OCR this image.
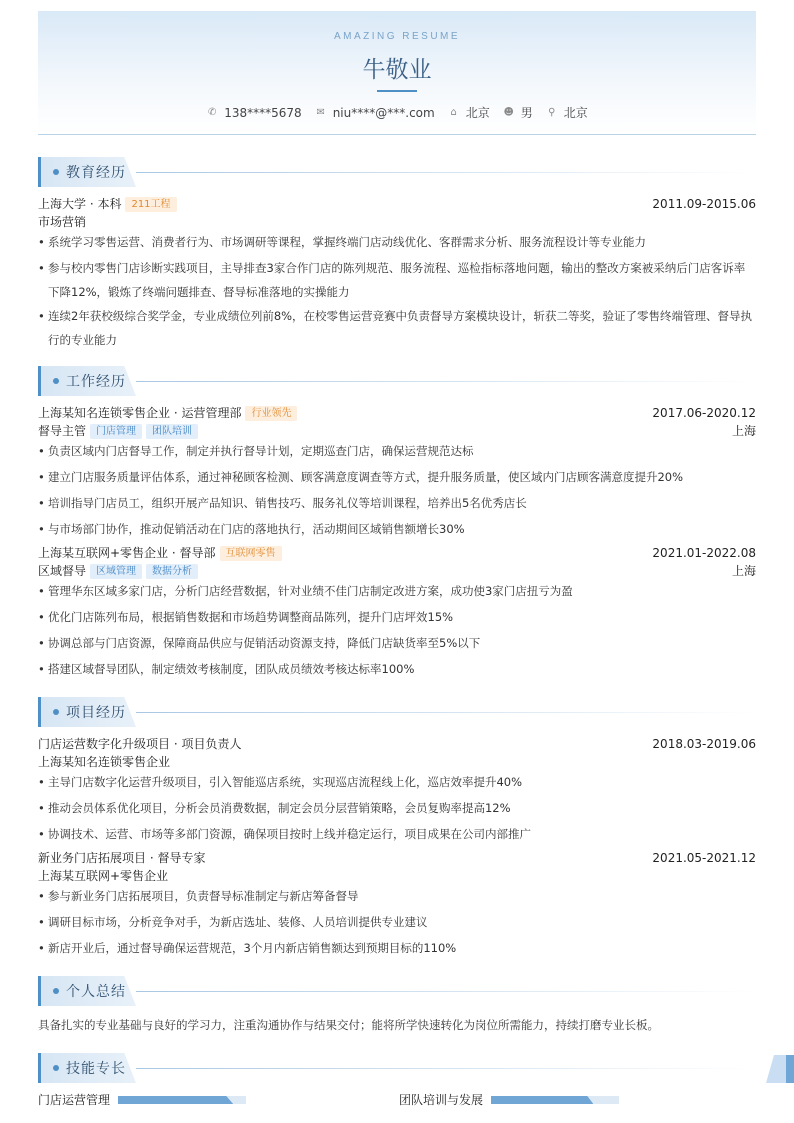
AMAZING RESUME
牛敬业
✆ 138****5678 ✉ niu****@***.com ⌂ 北京 ☻ 男 ⚲ 北京
教育经历
上海大学 · 本科 211工程	2011.09-2015.06
市场营销
• 系统学习零售运营、消费者行为、市场调研等课程，掌握终端门店动线优化、客群需求分析、服务流程设计等专业能力
• 参与校内零售门店诊断实践项目，主导排查3家合作门店的陈列规范、服务流程、巡检指标落地问题，输出的整改方案被采纳后门店客诉率下降12%，锻炼了终端问题排查、督导标准落地的实操能力
• 连续2年获校级综合奖学金，专业成绩位列前8%，在校零售运营竞赛中负责督导方案模块设计，斩获二等奖，验证了零售终端管理、督导执行的专业能力
工作经历
上海某知名连锁零售企业 · 运营管理部 行业领先	2017.06-2020.12
督导主管 门店管理 团队培训	上海
• 负责区域内门店督导工作，制定并执行督导计划，定期巡查门店，确保运营规范达标
• 建立门店服务质量评估体系，通过神秘顾客检测、顾客满意度调查等方式，提升服务质量，使区域内门店顾客满意度提升20%
• 培训指导门店员工，组织开展产品知识、销售技巧、服务礼仪等培训课程，培养出5名优秀店长
• 与市场部门协作，推动促销活动在门店的落地执行，活动期间区域销售额增长30%
上海某互联网+零售企业 · 督导部 互联网零售	2021.01-2022.08
区域督导 区域管理 数据分析	上海
• 管理华东区域多家门店，分析门店经营数据，针对业绩不佳门店制定改进方案，成功使3家门店扭亏为盈
• 优化门店陈列布局，根据销售数据和市场趋势调整商品陈列，提升门店坪效15%
• 协调总部与门店资源，保障商品供应与促销活动资源支持，降低门店缺货率至5%以下
• 搭建区域督导团队，制定绩效考核制度，团队成员绩效考核达标率100%
项目经历
门店运营数字化升级项目 · 项目负责人	2018.03-2019.06
上海某知名连锁零售企业
• 主导门店数字化运营升级项目，引入智能巡店系统，实现巡店流程线上化，巡店效率提升40%
• 推动会员体系优化项目，分析会员消费数据，制定会员分层营销策略，会员复购率提高12%
• 协调技术、运营、市场等多部门资源，确保项目按时上线并稳定运行，项目成果在公司内部推广
新业务门店拓展项目 · 督导专家	2021.05-2021.12
上海某互联网+零售企业
• 参与新业务门店拓展项目，负责督导标准制定与新店筹备督导
• 调研目标市场，分析竞争对手，为新店选址、装修、人员培训提供专业建议
• 新店开业后，通过督导确保运营规范，3个月内新店销售额达到预期目标的110%
个人总结
具备扎实的专业基础与良好的学习力，注重沟通协作与结果交付；能将所学快速转化为岗位所需能力，持续打磨专业长板。
技能专长
门店运营管理	团队培训与发展
